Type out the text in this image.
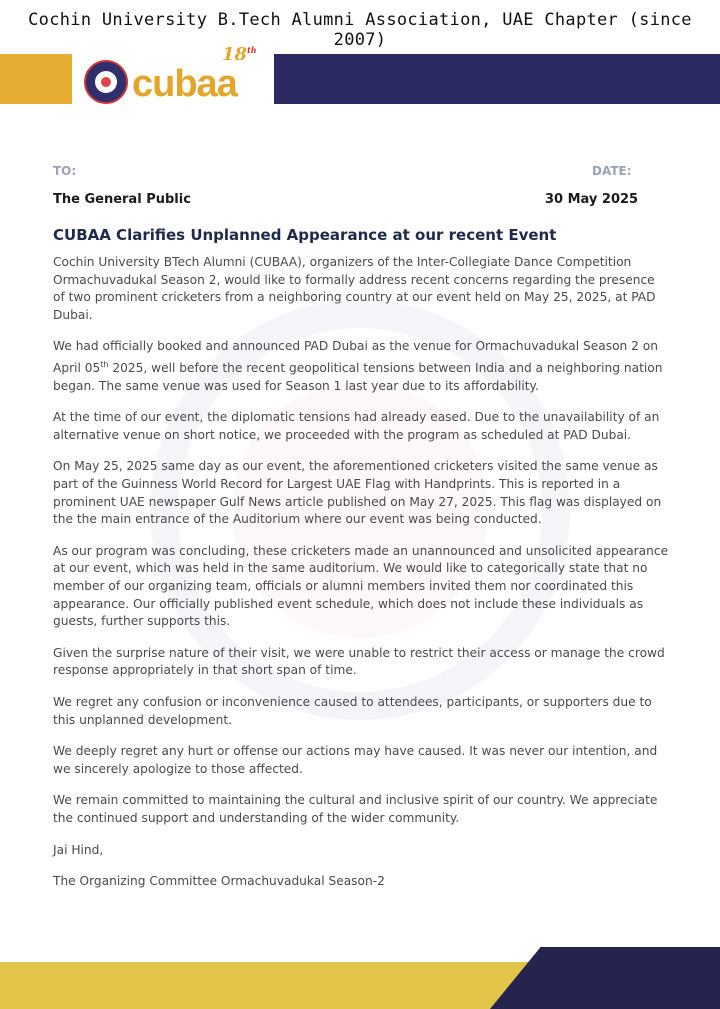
Cochin University B.Tech Alumni Association, UAE Chapter (since 2007)
cubaa
18th
TO:	DATE:
The General Public	30 May 2025
CUBAA Clarifies Unplanned Appearance at our recent Event

Cochin University BTech Alumni (CUBAA), organizers of the Inter-Collegiate Dance Competition Ormachuvadukal Season 2, would like to formally address recent concerns regarding the presence of two prominent cricketers from a neighboring country at our event held on May 25, 2025, at PAD Dubai.

We had officially booked and announced PAD Dubai as the venue for Ormachuvadukal Season 2 on April 05th 2025, well before the recent geopolitical tensions between India and a neighboring nation began. The same venue was used for Season 1 last year due to its affordability.

At the time of our event, the diplomatic tensions had already eased. Due to the unavailability of an alternative venue on short notice, we proceeded with the program as scheduled at PAD Dubai.

On May 25, 2025 same day as our event, the aforementioned cricketers visited the same venue as part of the Guinness World Record for Largest UAE Flag with Handprints. This is reported in a prominent UAE newspaper Gulf News article published on May 27, 2025. This flag was displayed on the the main entrance of the Auditorium where our event was being conducted.

As our program was concluding, these cricketers made an unannounced and unsolicited appearance at our event, which was held in the same auditorium. We would like to categorically state that no member of our organizing team, officials or alumni members invited them nor coordinated this appearance. Our officially published event schedule, which does not include these individuals as guests, further supports this.

Given the surprise nature of their visit, we were unable to restrict their access or manage the crowd response appropriately in that short span of time.

We regret any confusion or inconvenience caused to attendees, participants, or supporters due to this unplanned development.

We deeply regret any hurt or offense our actions may have caused. It was never our intention, and we sincerely apologize to those affected.

We remain committed to maintaining the cultural and inclusive spirit of our country. We appreciate the continued support and understanding of the wider community.

Jai Hind,

The Organizing Committee Ormachuvadukal Season-2
